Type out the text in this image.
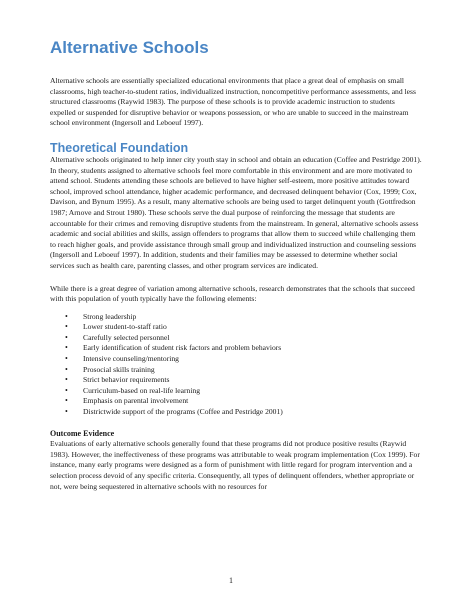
Alternative Schools

Alternative schools are essentially specialized educational environments that place a great deal of emphasis on small classrooms, high teacher-to-student ratios, individualized instruction, noncompetitive performance assessments, and less structured classrooms (Raywid 1983). The purpose of these schools is to provide academic instruction to students expelled or suspended for disruptive behavior or weapons possession, or who are unable to succeed in the mainstream school environment (Ingersoll and Leboeuf 1997).

Theoretical Foundation

Alternative schools originated to help inner city youth stay in school and obtain an education (Coffee and Pestridge 2001). In theory, students assigned to alternative schools feel more comfortable in this environment and are more motivated to attend school. Students attending these schools are believed to have higher self-esteem, more positive attitudes toward school, improved school attendance, higher academic performance, and decreased delinquent behavior (Cox, 1999; Cox, Davison, and Bynum 1995). As a result, many alternative schools are being used to target delinquent youth (Gottfredson 1987; Arnove and Strout 1980). These schools serve the dual purpose of reinforcing the message that students are accountable for their crimes and removing disruptive students from the mainstream. In general, alternative schools assess academic and social abilities and skills, assign offenders to programs that allow them to succeed while challenging them to reach higher goals, and provide assistance through small group and individualized instruction and counseling sessions (Ingersoll and Leboeuf 1997). In addition, students and their families may be assessed to determine whether social services such as health care, parenting classes, and other program services are indicated.

While there is a great degree of variation among alternative schools, research demonstrates that the schools that succeed with this population of youth typically have the following elements:

• Strong leadership
• Lower student-to-staff ratio
• Carefully selected personnel
• Early identification of student risk factors and problem behaviors
• Intensive counseling/mentoring
• Prosocial skills training
• Strict behavior requirements
• Curriculum-based on real-life learning
• Emphasis on parental involvement
• Districtwide support of the programs (Coffee and Pestridge 2001)
Outcome Evidence

Evaluations of early alternative schools generally found that these programs did not produce positive results (Raywid 1983). However, the ineffectiveness of these programs was attributable to weak program implementation (Cox 1999). For instance, many early programs were designed as a form of punishment with little regard for program intervention and a selection process devoid of any specific criteria. Consequently, all types of delinquent offenders, whether appropriate or not, were being sequestered in alternative schools with no resources for

1
